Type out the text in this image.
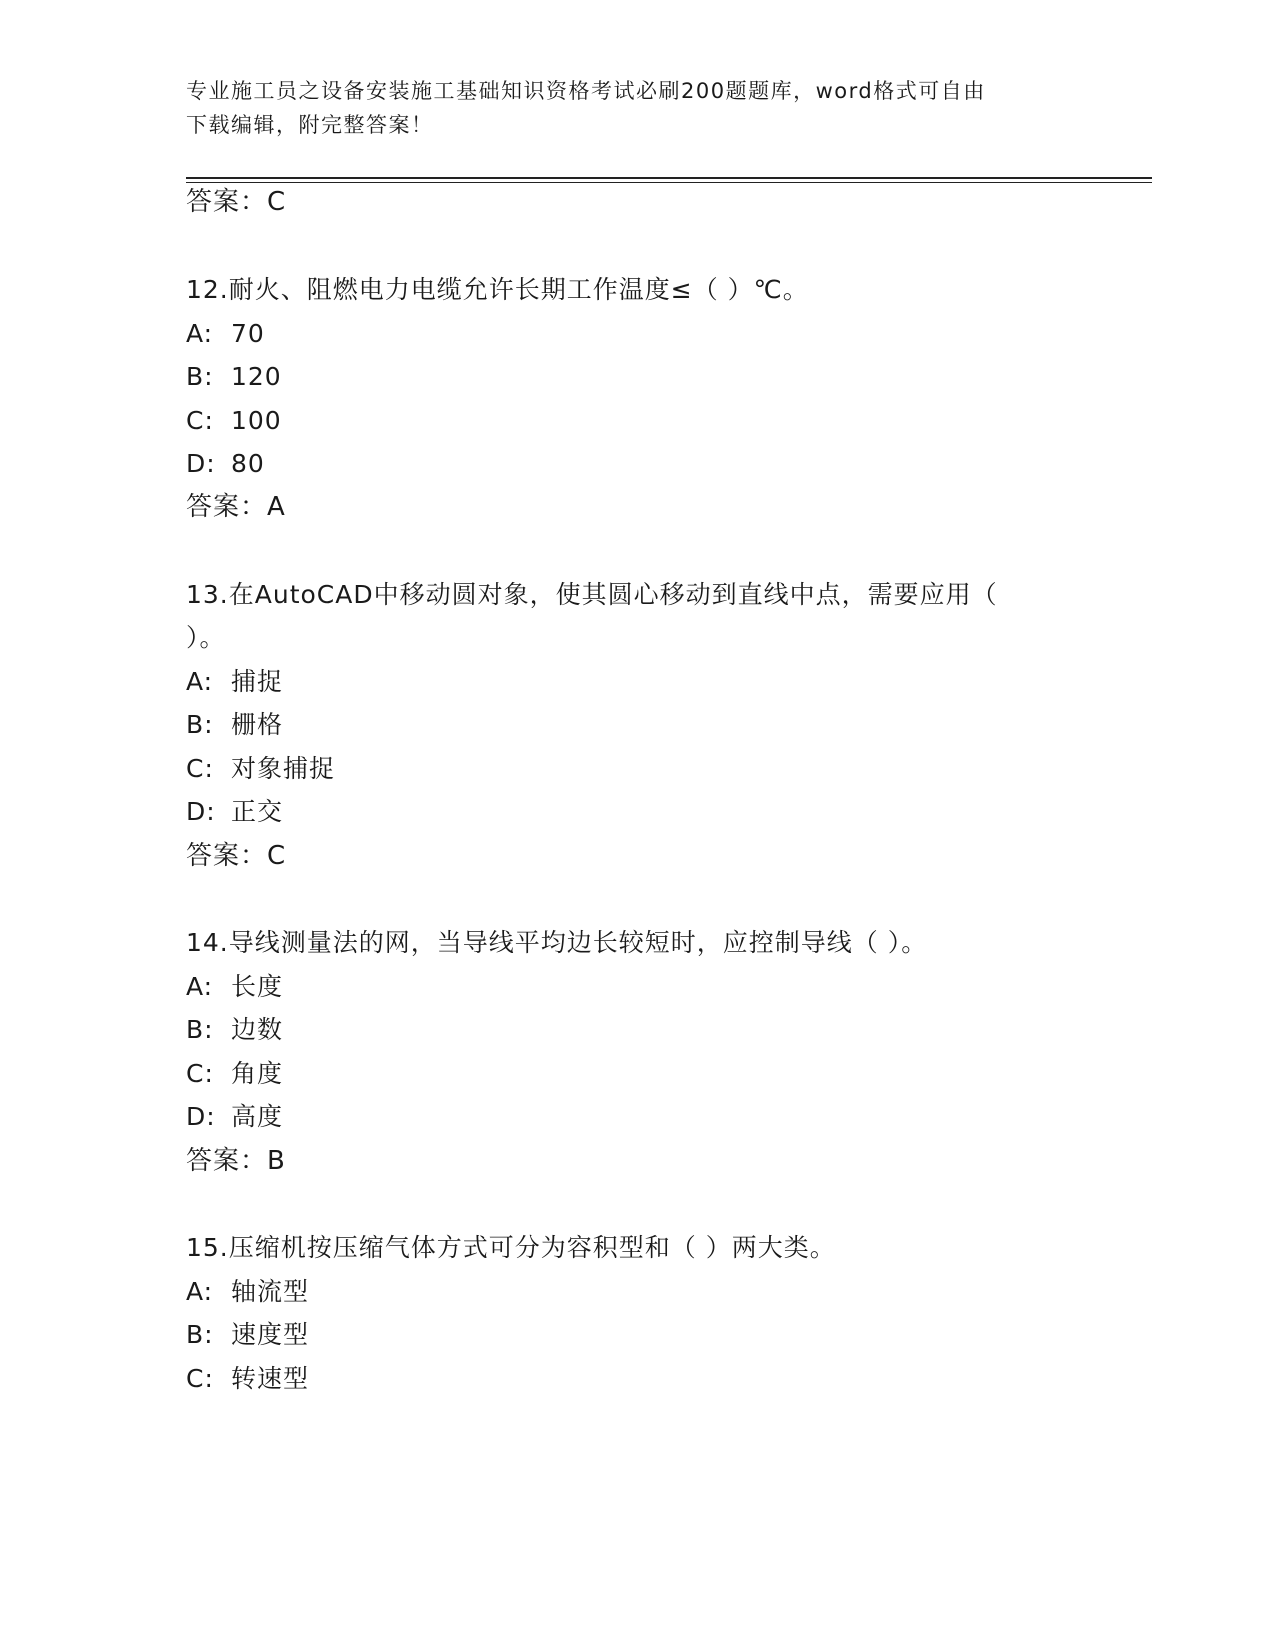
专业施工员之设备安装施工基础知识资格考试必刷200题题库，word格式可自由
下载编辑，附完整答案！
答案：C
12.耐火、阻燃电力电缆允许长期工作温度≤（ ）℃。
A: 70
B: 120
C: 100
D: 80
答案：A
13.在AutoCAD中移动圆对象，使其圆心移动到直线中点，需要应用（
）。
A: 捕捉
B: 栅格
C: 对象捕捉
D: 正交
答案：C
14.导线测量法的网，当导线平均边长较短时，应控制导线（ ）。
A: 长度
B: 边数
C: 角度
D: 高度
答案：B
15.压缩机按压缩气体方式可分为容积型和（ ）两大类。
A: 轴流型
B: 速度型
C: 转速型
